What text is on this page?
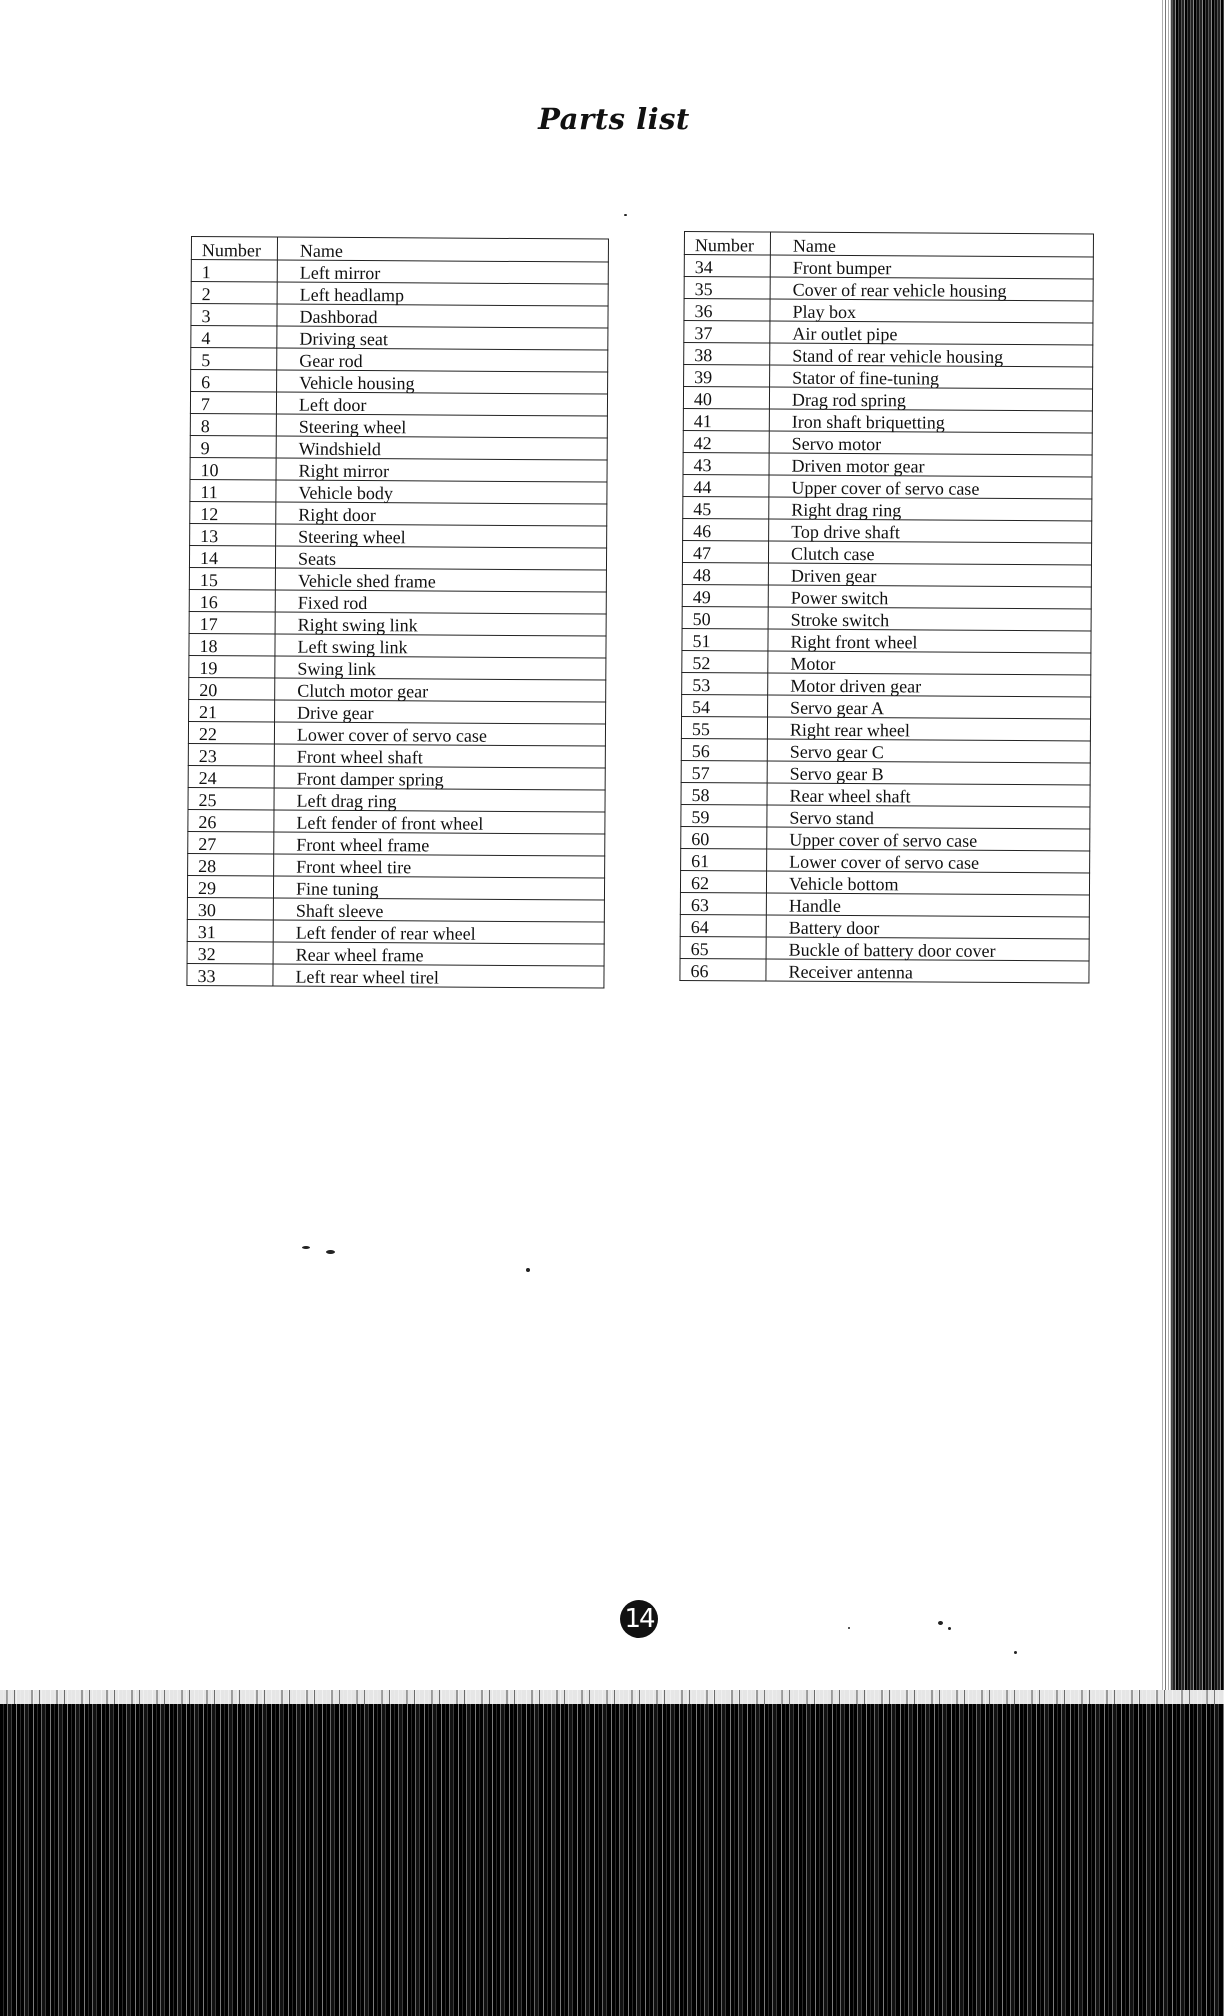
Parts list
Number	Name
1	Left mirror
2	Left headlamp
3	Dashborad
4	Driving seat
5	Gear rod
6	Vehicle housing
7	Left door
8	Steering wheel
9	Windshield
10	Right mirror
11	Vehicle body
12	Right door
13	Steering wheel
14	Seats
15	Vehicle shed frame
16	Fixed rod
17	Right swing link
18	Left swing link
19	Swing link
20	Clutch motor gear
21	Drive gear
22	Lower cover of servo case
23	Front wheel shaft
24	Front damper spring
25	Left drag ring
26	Left fender of front wheel
27	Front wheel frame
28	Front wheel tire
29	Fine tuning
30	Shaft sleeve
31	Left fender of rear wheel
32	Rear wheel frame
33	Left rear wheel tirel
Number	Name
34	Front bumper
35	Cover of rear vehicle housing
36	Play box
37	Air outlet pipe
38	Stand of rear vehicle housing
39	Stator of fine-tuning
40	Drag rod spring
41	Iron shaft briquetting
42	Servo motor
43	Driven motor gear
44	Upper cover of servo case
45	Right drag ring
46	Top drive shaft
47	Clutch case
48	Driven gear
49	Power switch
50	Stroke switch
51	Right front wheel
52	Motor
53	Motor driven gear
54	Servo gear A
55	Right rear wheel
56	Servo gear C
57	Servo gear B
58	Rear wheel shaft
59	Servo stand
60	Upper cover of servo case
61	Lower cover of servo case
62	Vehicle bottom
63	Handle
64	Battery door
65	Buckle of battery door cover
66	Receiver antenna
14
